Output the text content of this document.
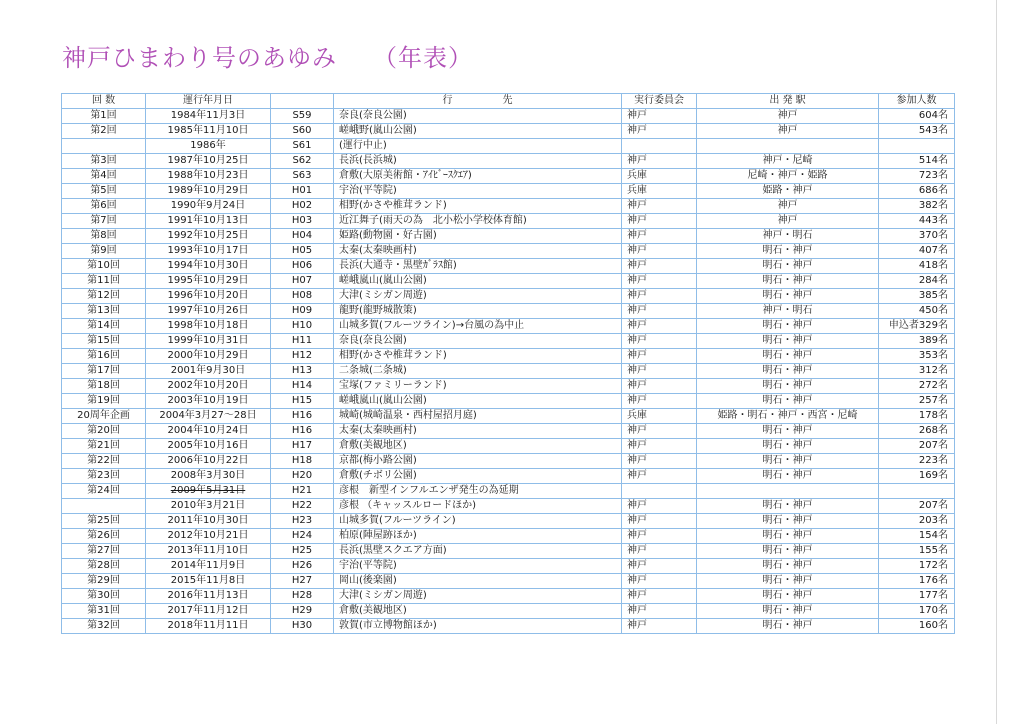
神戸ひまわり号のあゆみ （年表）
回 数	運行年月日		行　　　　　先	実行委員会	出 発 駅	参加人数
第1回	1984年11月3日	S59	奈良(奈良公園)	神戸	神戸	604名
第2回	1985年11月10日	S60	嵯峨野(嵐山公園)	神戸	神戸	543名
	1986年	S61	(運行中止)			
第3回	1987年10月25日	S62	長浜(長浜城)	神戸	神戸・尼崎	514名
第4回	1988年10月23日	S63	倉敷(大原美術館・ｱｲﾋﾞｰｽｸｴｱ)	兵庫	尼崎・神戸・姫路	723名
第5回	1989年10月29日	H01	宇治(平等院)	兵庫	姫路・神戸	686名
第6回	1990年9月24日	H02	相野(かさや椎茸ランド)	神戸	神戸	382名
第7回	1991年10月13日	H03	近江舞子(雨天の為　北小松小学校体育館)	神戸	神戸	443名
第8回	1992年10月25日	H04	姫路(動物園・好古園)	神戸	神戸・明石	370名
第9回	1993年10月17日	H05	太秦(太秦映画村)	神戸	明石・神戸	407名
第10回	1994年10月30日	H06	長浜(大通寺・黒壁ｶﾞﾗｽ館)	神戸	明石・神戸	418名
第11回	1995年10月29日	H07	嵯峨嵐山(嵐山公園)	神戸	明石・神戸	284名
第12回	1996年10月20日	H08	大津(ミシガン周遊)	神戸	明石・神戸	385名
第13回	1997年10月26日	H09	龍野(龍野城散策)	神戸	神戸・明石	450名
第14回	1998年10月18日	H10	山城多賀(フルーツライン)→台風の為中止	神戸	明石・神戸	申込者329名
第15回	1999年10月31日	H11	奈良(奈良公園)	神戸	明石・神戸	389名
第16回	2000年10月29日	H12	相野(かさや椎茸ランド)	神戸	明石・神戸	353名
第17回	2001年9月30日	H13	二条城(二条城)	神戸	明石・神戸	312名
第18回	2002年10月20日	H14	宝塚(ファミリーランド)	神戸	明石・神戸	272名
第19回	2003年10月19日	H15	嵯峨嵐山(嵐山公園)	神戸	明石・神戸	257名
20周年企画	2004年3月27～28日	H16	城崎(城崎温泉・西村屋招月庭)	兵庫	姫路・明石・神戸・西宮・尼崎	178名
第20回	2004年10月24日	H16	太秦(太秦映画村)	神戸	明石・神戸	268名
第21回	2005年10月16日	H17	倉敷(美観地区)	神戸	明石・神戸	207名
第22回	2006年10月22日	H18	京都(梅小路公園)	神戸	明石・神戸	223名
第23回	2008年3月30日	H20	倉敷(チボリ公園)	神戸	明石・神戸	169名
第24回	2009年5月31日	H21	彦根　新型インフルエンザ発生の為延期			
	2010年3月21日	H22	彦根 （キャッスルロードほか)	神戸	明石・神戸	207名
第25回	2011年10月30日	H23	山城多賀(フルーツライン)	神戸	明石・神戸	203名
第26回	2012年10月21日	H24	柏原(陣屋跡ほか)	神戸	明石・神戸	154名
第27回	2013年11月10日	H25	長浜(黒壁スクエア方面)	神戸	明石・神戸	155名
第28回	2014年11月9日	H26	宇治(平等院)	神戸	明石・神戸	172名
第29回	2015年11月8日	H27	岡山(後楽園)	神戸	明石・神戸	176名
第30回	2016年11月13日	H28	大津(ミシガン周遊)	神戸	明石・神戸	177名
第31回	2017年11月12日	H29	倉敷(美観地区)	神戸	明石・神戸	170名
第32回	2018年11月11日	H30	敦賀(市立博物館ほか)	神戸	明石・神戸	160名
